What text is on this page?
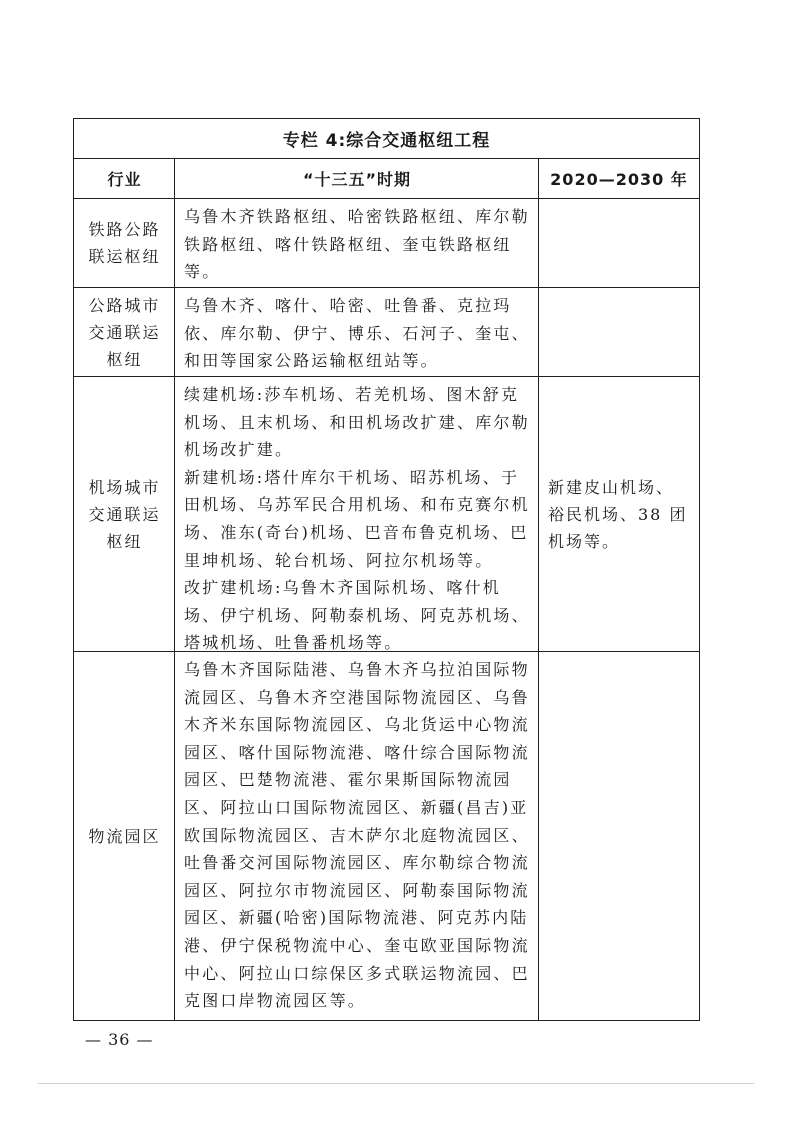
专栏 4:综合交通枢纽工程
行业	“十三五”时期	2020—2030 年
铁路公路联运枢纽

乌鲁木齐铁路枢纽、哈密铁路枢纽、库尔勒铁路枢纽、喀什铁路枢纽、奎屯铁路枢纽等。

公路城市交通联运枢纽

乌鲁木齐、喀什、哈密、吐鲁番、克拉玛依、库尔勒、伊宁、博乐、石河子、奎屯、和田等国家公路运输枢纽站等。

机场城市交通联运枢纽

续建机场:莎车机场、若羌机场、图木舒克机场、且末机场、和田机场改扩建、库尔勒机场改扩建。

新建机场:塔什库尔干机场、昭苏机场、于田机场、乌苏军民合用机场、和布克赛尔机场、准东(奇台)机场、巴音布鲁克机场、巴里坤机场、轮台机场、阿拉尔机场等。

改扩建机场:乌鲁木齐国际机场、喀什机场、伊宁机场、阿勒泰机场、阿克苏机场、塔城机场、吐鲁番机场等。

新建皮山机场、裕民机场、38 团机场等。
物流园区

乌鲁木齐国际陆港、乌鲁木齐乌拉泊国际物流园区、乌鲁木齐空港国际物流园区、乌鲁木齐米东国际物流园区、乌北货运中心物流园区、喀什国际物流港、喀什综合国际物流园区、巴楚物流港、霍尔果斯国际物流园区、阿拉山口国际物流园区、新疆(昌吉)亚欧国际物流园区、吉木萨尔北庭物流园区、吐鲁番交河国际物流园区、库尔勒综合物流园区、阿拉尔市物流园区、阿勒泰国际物流园区、新疆(哈密)国际物流港、阿克苏内陆港、伊宁保税物流中心、奎屯欧亚国际物流中心、阿拉山口综保区多式联运物流园、巴克图口岸物流园区等。

— 36 —
